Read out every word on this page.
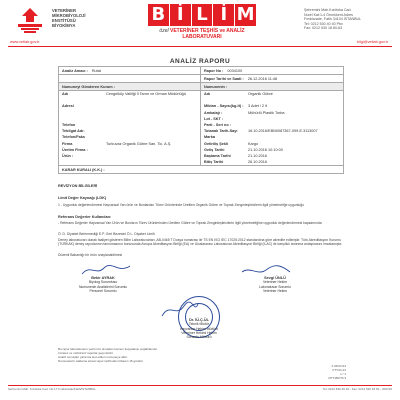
VETERİNER
MİKROBİYOLOJİ
ENSTİTÜSÜ
BİYOKİMYA
B İ L İ M
özel VETERİNER TEŞHİS ve ANALİZ LABORATUVARI
Şehremini Mah.Kızıltoka Cad.
Nurel Kat:1-4 Örnekkent Adres
Fındıkzade, Fatih 34104 İSTANBUL
Tel: 0212 530 40 40 Pbx
Fax: 0212 530 18 60-63
www.vetlab.gov.tr	bilgi@vetlab.gov.tr
ANALİZ RAPORU
Analiz Amacı : Rutat	Rapor No : 0034100
Rapor Tarihi ve Saati : 26.12.2016 11:48
Numuneyi Gönderen Kurum :	Numunenin :
Adı	Cengelköy Valiliği İl Tarım ve Orman Müdürlüğü
Adresi
Telefon
Tebligat Adr.
Telefon/Faks
Firma	Turkuvaz Organik Gübre San. Tic. A.Ş.
Üretim Firma :
Ürün :
Adı	Organik Gübre
Miktarı - Sayısı(kg-lt) :	3 Adet / 2 lt
Ambalajı :	Mühürlü Plastik Torba
Lot - SKT :
Parti - Seri no :
Tutanak Tarih-Sayı	16.10.2016/EBN0087367-099-E.3113007
Marka
Getiriliş Şekli	Kargo
Geliş Tarihi	21.10.2016 10:10:00
Başlama Tarihi	21.10.2016
Bitiş Tarihi	26.10.2016
KARAR KURALI (K.K.) :
REVİZYON BİLGİLERİ
Limit Değer Kaynağı (LDK)
1 - Uygunluk değerlendirmesi Hayvansal Yan ürün ve Bunlardan Türev Ürünlerinde Üretilen Organik Gübre ve Toprak Zenginleştiricilerin ilgili yönetmeliğe uygunluğu
Referans Değerler Kullanılan:
- Referans Değerler Hayvansal Yan Ürün ve Bunların Türev Ürünlerinden Üretilen Gübre ve Toprak Zenginleştiricilerin ilgili yönetmeliğine uygunluk değerlendirmesi kapsamında
Ö. D. Diyabet Belenmediği E.P. Geri Bezesini Ö.L. Diyabet Limiti
Deney laboratuvarı olarak faaliyet gösteren Bilim Laboratuvarları, AB-0465 T Dosya numarası ile TS EN ISO IEC 17025:2012 standardına göre akredite edilmiştir. Türk Akreditasyon Kurumu (TÜRKAK) deney raporlarının tanınmasının konusunda Avrupa Akreditasyon Birliği (EA) ve Uluslararası Laboratuvar Akreditasyon Birliği (ILAC) ile karşılıklı tanınma anlaşmasını imzalamıştır.
Düzenli Bakanlığı bir ürün onaylanabilmesi
Bekir AYRAK
Biyolog Sorumlusu
Numunenin Analizlerini Sorumlu
Personel Sorumlu
Sevgi ÜNLÜ
Veteriner Hekim
Laboratuvar Sorumlu
Veteriner Hekim
Dr. İÜ.Ç.ÜL
Teknik Müdür
Hayvanlar Hekim Müdürü
Veteriner Hekimi Hekim
Sorumlu Müdürü
Bu rapor laboratuvarın yazılı izni olmadan kısmen kopyalanıp çoğaltılamaz.
İmzasız ve mühürsüz raporlar geçersizdir.
Analiz sonuçları yalnızca test edilen numuneye aittir.
Numunelerin saklama süresi rapor tarihinden itibaren 15 gündür.
F 08.01/13
FTT.01.01
1 / 1
FPT.MD/TF.3
Şehremini Mah. Kızıltoka Cad. No:17 Fındıkzade/Fatih/İSTANBUL	Tel: 0212 530 40 40 - Fax: 0212 530 18 60 - 206720
